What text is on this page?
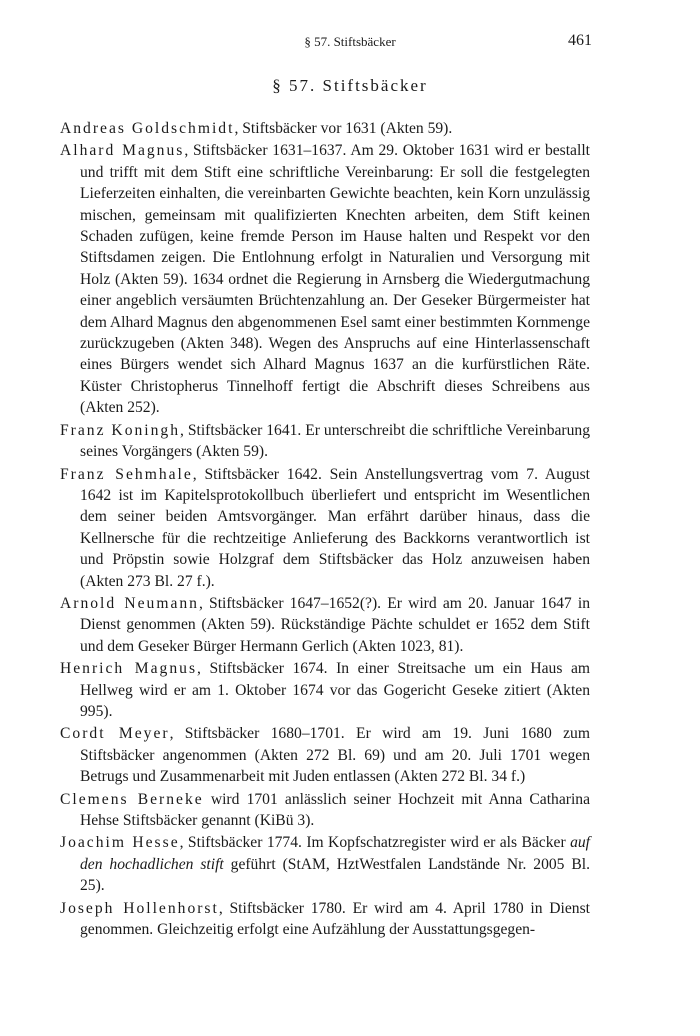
§ 57. Stiftsbäcker	461
§ 57. Stiftsbäcker

Andreas Goldschmidt, Stiftsbäcker vor 1631 (Akten 59).

Alhard Magnus, Stiftsbäcker 1631–1637. Am 29. Oktober 1631 wird er bestallt und trifft mit dem Stift eine schriftliche Vereinbarung: Er soll die festgelegten Lieferzeiten einhalten, die vereinbarten Gewichte beachten, kein Korn unzulässig mischen, gemeinsam mit qualifizierten Knechten arbeiten, dem Stift keinen Schaden zufügen, keine fremde Person im Hause halten und Respekt vor den Stiftsdamen zeigen. Die Entlohnung erfolgt in Naturalien und Versorgung mit Holz (Akten 59). 1634 ordnet die Regierung in Arnsberg die Wiedergutmachung einer angeblich versäumten Brüchtenzahlung an. Der Geseker Bürgermeister hat dem Alhard Magnus den abgenommenen Esel samt einer bestimmten Kornmenge zurückzugeben (Akten 348). Wegen des Anspruchs auf eine Hinterlassenschaft eines Bürgers wendet sich Alhard Magnus 1637 an die kurfürstlichen Räte. Küster Christopherus Tinnelhoff fertigt die Abschrift dieses Schreibens aus (Akten 252).

Franz Koningh, Stiftsbäcker 1641. Er unterschreibt die schriftliche Vereinbarung seines Vorgängers (Akten 59).

Franz Sehmhale, Stiftsbäcker 1642. Sein Anstellungsvertrag vom 7. August 1642 ist im Kapitelsprotokollbuch überliefert und entspricht im Wesentlichen dem seiner beiden Amtsvorgänger. Man erfährt darüber hinaus, dass die Kellnersche für die rechtzeitige Anlieferung des Backkorns verantwortlich ist und Pröpstin sowie Holzgraf dem Stiftsbäcker das Holz anzuweisen haben (Akten 273 Bl. 27 f.).

Arnold Neumann, Stiftsbäcker 1647–1652(?). Er wird am 20. Januar 1647 in Dienst genommen (Akten 59). Rückständige Pächte schuldet er 1652 dem Stift und dem Geseker Bürger Hermann Gerlich (Akten 1023, 81).

Henrich Magnus, Stiftsbäcker 1674. In einer Streitsache um ein Haus am Hellweg wird er am 1. Oktober 1674 vor das Gogericht Geseke zitiert (Akten 995).

Cordt Meyer, Stiftsbäcker 1680–1701. Er wird am 19. Juni 1680 zum Stiftsbäcker angenommen (Akten 272 Bl. 69) und am 20. Juli 1701 wegen Betrugs und Zusammenarbeit mit Juden entlassen (Akten 272 Bl. 34 f.)

Clemens Berneke wird 1701 anlässlich seiner Hochzeit mit Anna Catharina Hehse Stiftsbäcker genannt (KiBü 3).

Joachim Hesse, Stiftsbäcker 1774. Im Kopfschatzregister wird er als Bäcker auf den hochadlichen stift geführt (StAM, HztWestfalen Landstände Nr. 2005 Bl. 25).

Joseph Hollenhorst, Stiftsbäcker 1780. Er wird am 4. April 1780 in Dienst genommen. Gleichzeitig erfolgt eine Aufzählung der Ausstattungsgegen-
